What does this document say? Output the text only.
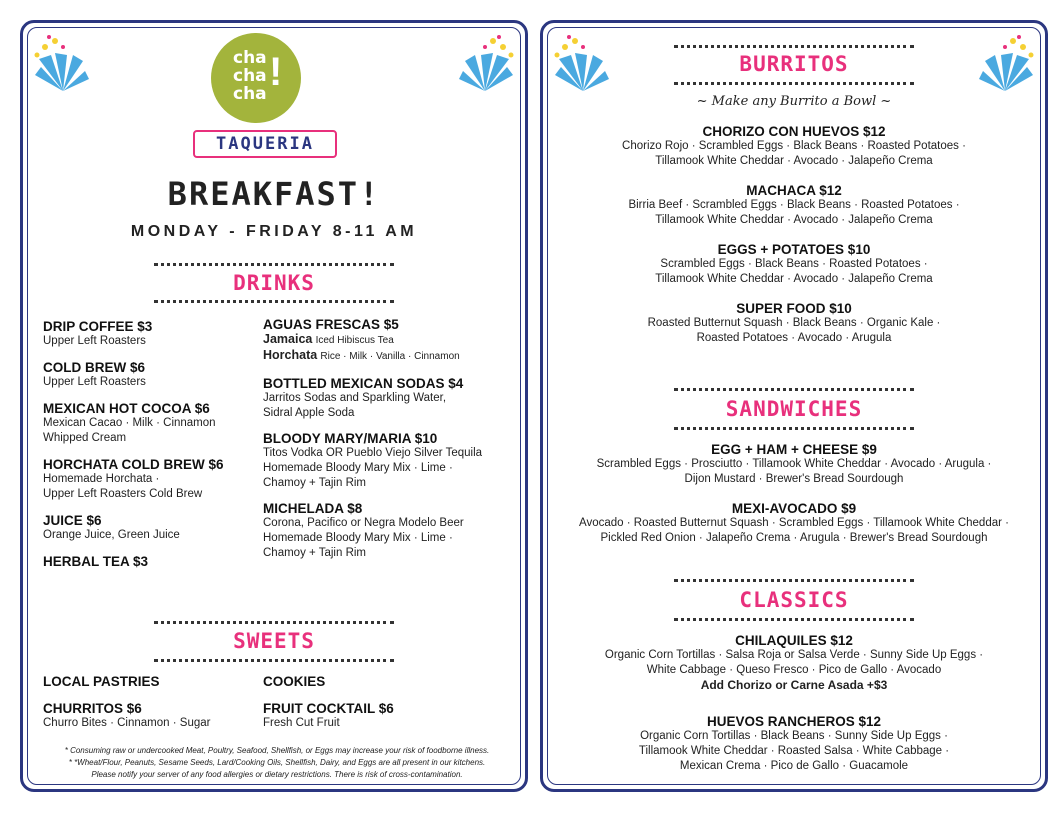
cha
cha
cha !
TAQUERIA
BREAKFAST!
MONDAY - FRIDAY 8-11 AM
DRINKS
DRIP COFFEE $3
Upper Left Roasters
COLD BREW $6
Upper Left Roasters
MEXICAN HOT COCOA $6
Mexican Cacao · Milk · Cinnamon
Whipped Cream
HORCHATA COLD BREW $6
Homemade Horchata ·
Upper Left Roasters Cold Brew
JUICE $6
Orange Juice, Green Juice
HERBAL TEA $3
AGUAS FRESCAS $5
Jamaica Iced Hibiscus Tea
Horchata Rice · Milk · Vanilla · Cinnamon
BOTTLED MEXICAN SODAS $4
Jarritos Sodas and Sparkling Water,
Sidral Apple Soda
BLOODY MARY/MARIA $10
Titos Vodka OR Pueblo Viejo Silver Tequila
Homemade Bloody Mary Mix · Lime ·
Chamoy + Tajin Rim
MICHELADA $8
Corona, Pacifico or Negra Modelo Beer
Homemade Bloody Mary Mix · Lime ·
Chamoy + Tajin Rim
SWEETS
LOCAL PASTRIES
CHURRITOS $6
Churro Bites · Cinnamon · Sugar
COOKIES
FRUIT COCKTAIL $6
Fresh Cut Fruit
* Consuming raw or undercooked Meat, Poultry, Seafood, Shellfish, or Eggs may increase your risk of foodborne illness.
* *Wheat/Flour, Peanuts, Sesame Seeds, Lard/Cooking Oils, Shellfish, Dairy, and Eggs are all present in our kitchens.
Please notify your server of any food allergies or dietary restrictions. There is risk of cross-contamination.
BURRITOS
~ Make any Burrito a Bowl ~
CHORIZO CON HUEVOS $12
Chorizo Rojo · Scrambled Eggs · Black Beans · Roasted Potatoes ·
Tillamook White Cheddar · Avocado · Jalapeño Crema
MACHACA $12
Birria Beef · Scrambled Eggs · Black Beans · Roasted Potatoes ·
Tillamook White Cheddar · Avocado · Jalapeño Crema
EGGS + POTATOES $10
Scrambled Eggs · Black Beans · Roasted Potatoes ·
Tillamook White Cheddar · Avocado · Jalapeño Crema
SUPER FOOD $10
Roasted Butternut Squash · Black Beans · Organic Kale ·
Roasted Potatoes · Avocado · Arugula
SANDWICHES
EGG + HAM + CHEESE $9
Scrambled Eggs · Prosciutto · Tillamook White Cheddar · Avocado · Arugula ·
Dijon Mustard · Brewer's Bread Sourdough
MEXI-AVOCADO $9
Avocado · Roasted Butternut Squash · Scrambled Eggs · Tillamook White Cheddar ·
Pickled Red Onion · Jalapeño Crema · Arugula · Brewer's Bread Sourdough
CLASSICS
CHILAQUILES $12
Organic Corn Tortillas · Salsa Roja or Salsa Verde · Sunny Side Up Eggs ·
White Cabbage · Queso Fresco · Pico de Gallo · Avocado
Add Chorizo or Carne Asada +$3
HUEVOS RANCHEROS $12
Organic Corn Tortillas · Black Beans · Sunny Side Up Eggs ·
Tillamook White Cheddar · Roasted Salsa · White Cabbage ·
Mexican Crema · Pico de Gallo · Guacamole
